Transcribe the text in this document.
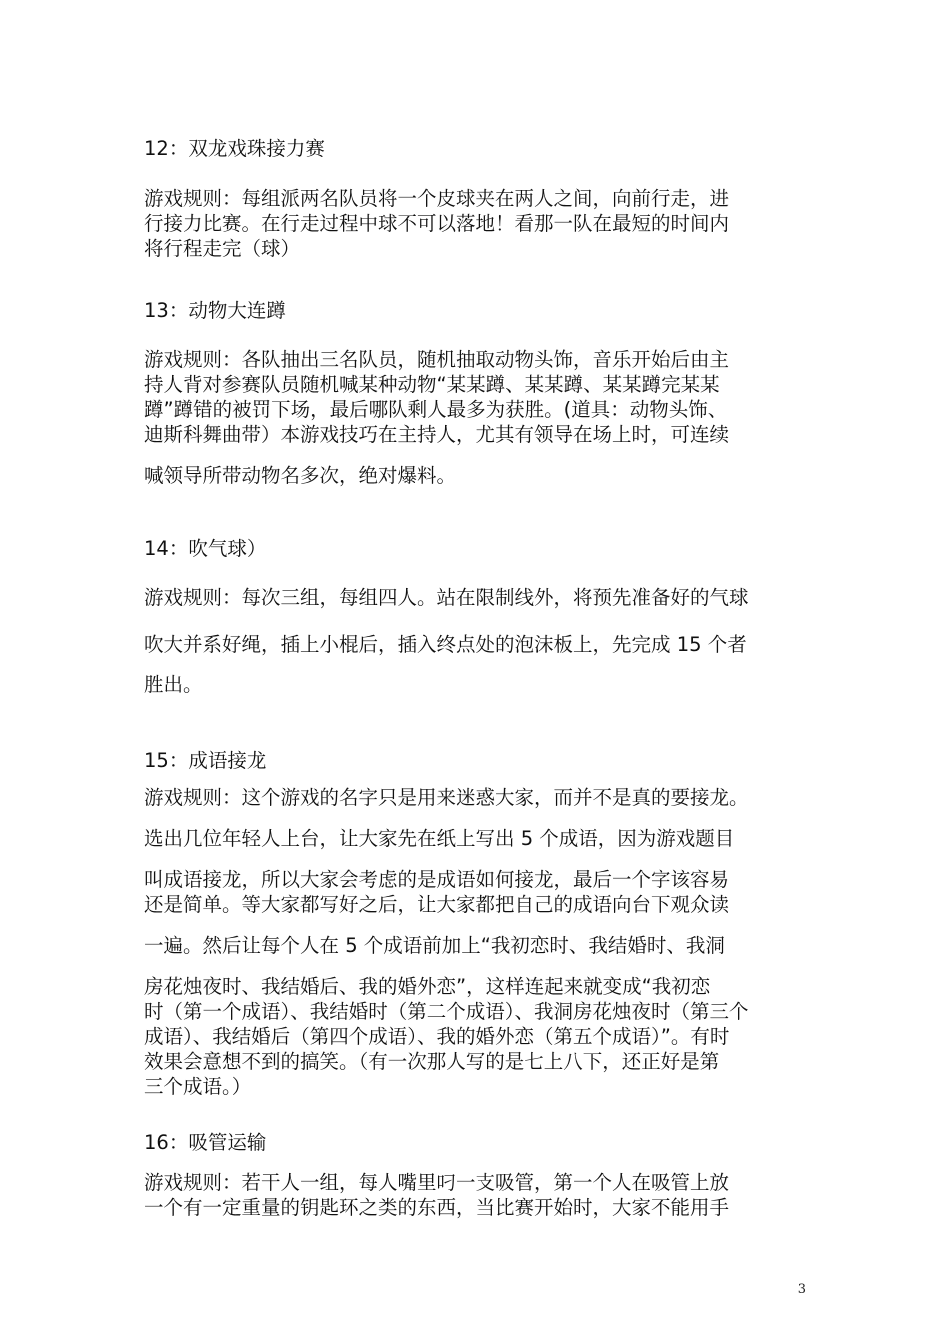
12：双龙戏珠接力赛
游戏规则：每组派两名队员将一个皮球夹在两人之间，向前行走，进
行接力比赛。在行走过程中球不可以落地！看那一队在最短的时间内
将行程走完（球）
13：动物大连蹲
游戏规则：各队抽出三名队员，随机抽取动物头饰，音乐开始后由主
持人背对参赛队员随机喊某种动物“某某蹲、某某蹲、某某蹲完某某
蹲”蹲错的被罚下场，最后哪队剩人最多为获胜。(道具：动物头饰、
迪斯科舞曲带）本游戏技巧在主持人，尤其有领导在场上时，可连续
喊领导所带动物名多次，绝对爆料。
14：吹气球）
游戏规则：每次三组，每组四人。站在限制线外，将预先准备好的气球
吹大并系好绳，插上小棍后，插入终点处的泡沫板上，先完成 15 个者
胜出。
15：成语接龙
游戏规则：这个游戏的名字只是用来迷惑大家，而并不是真的要接龙。
选出几位年轻人上台，让大家先在纸上写出 5 个成语，因为游戏题目
叫成语接龙，所以大家会考虑的是成语如何接龙，最后一个字该容易
还是简单。等大家都写好之后，让大家都把自己的成语向台下观众读
一遍。然后让每个人在 5 个成语前加上“我初恋时、我结婚时、我洞
房花烛夜时、我结婚后、我的婚外恋”，这样连起来就变成“我初恋
时（第一个成语）、我结婚时（第二个成语）、我洞房花烛夜时（第三个
成语）、我结婚后（第四个成语）、我的婚外恋（第五个成语）”。有时
效果会意想不到的搞笑。（有一次那人写的是七上八下，还正好是第
三个成语。）
16：吸管运输
游戏规则：若干人一组，每人嘴里叼一支吸管，第一个人在吸管上放
一个有一定重量的钥匙环之类的东西，当比赛开始时，大家不能用手
3
